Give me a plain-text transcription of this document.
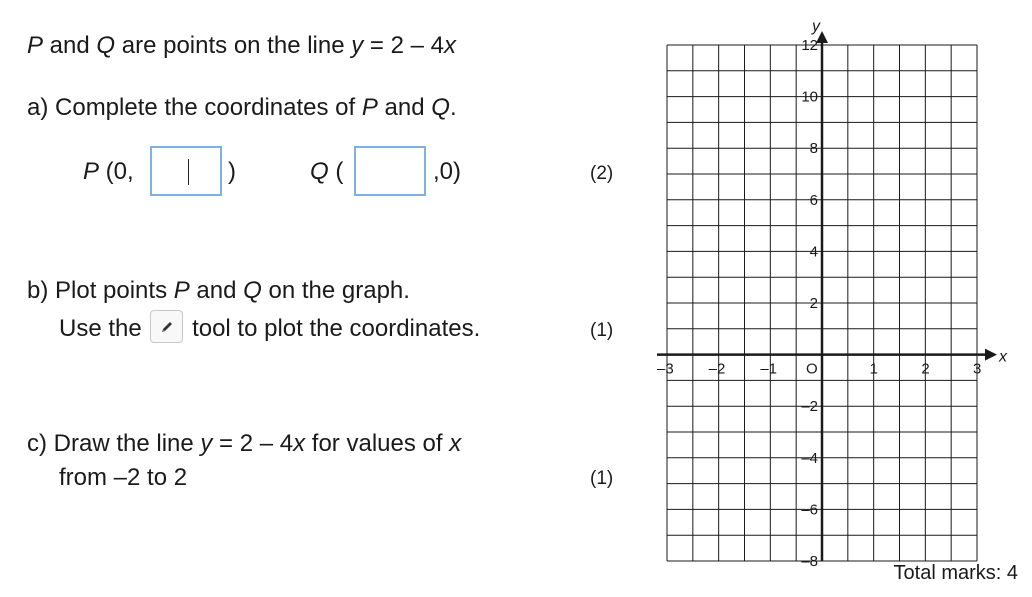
P and Q are points on the line y = 2 – 4x
a) Complete the coordinates of P and Q.
P (0,	)	Q (	,0)	(2)
b) Plot points P and Q on the graph.
Use the tool to plot the coordinates.	(1)
c) Draw the line y = 2 – 4x for values of x
from –2 to 2	(1)
x
y
O
–3 –2 –1	1	2	3
12
10
8
6
4
2
–2
–4
–6
–8
Total marks: 4
